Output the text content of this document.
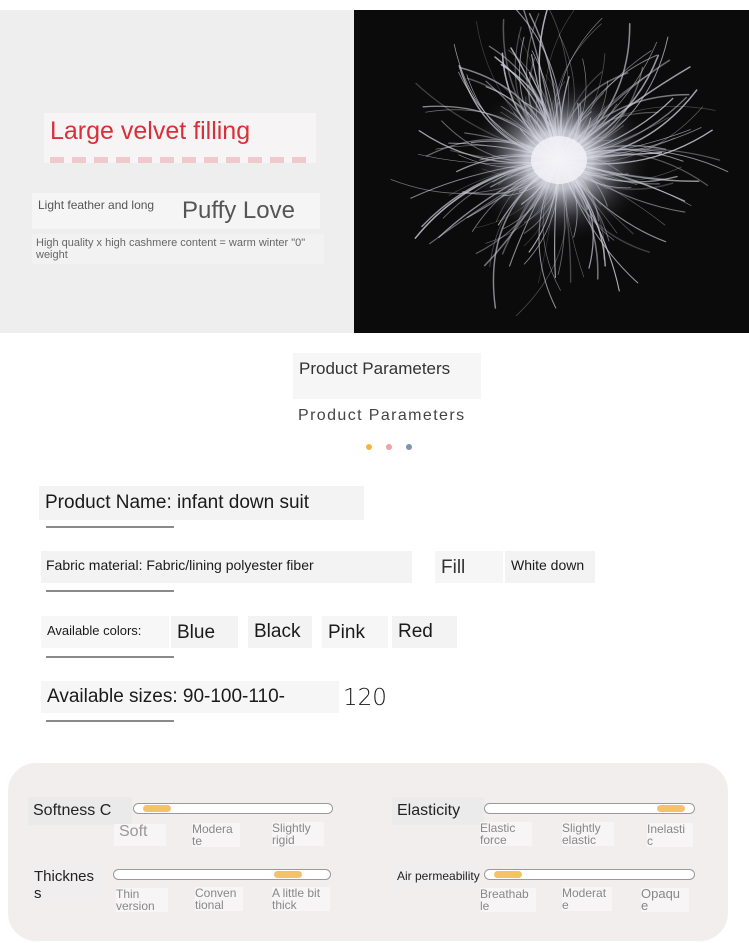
Large velvet filling
Light feather and long Puffy Love
High quality x high cashmere content = warm winter "0" weight
Product Parameters
Product Parameters
Product Name: infant down suit
Fabric material: Fabric/lining polyester fiber	Fill	White down
Available colors: Blue Black Pink Red
Available sizes: 90-100-110-	120
Softness C
Soft	Modera te
Slightly rigid
Elasticity
Elastic force
Slightly elastic
Inelasti c
Thicknes s	Thin version
Conven tional
A little bit thick
Air permeability
Breathab le
Moderat e
Opaqu e
